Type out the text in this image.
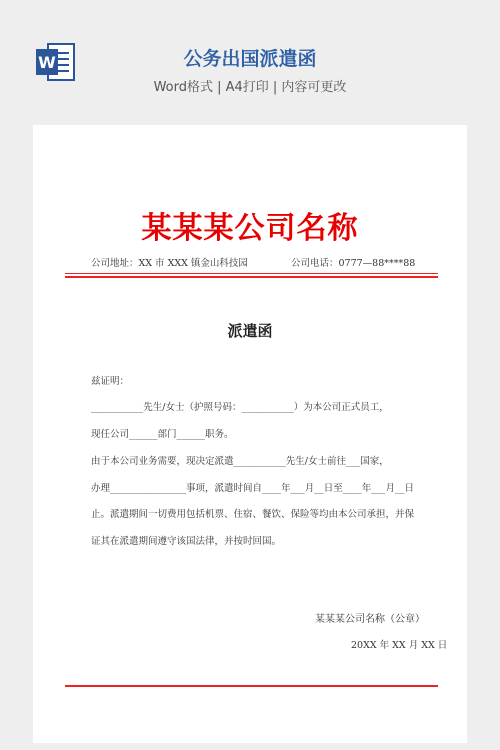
W	公务出国派遣函
Word格式 | A4打印 | 内容可更改
某某某公司名称
公司地址：XX 市 XXX 镇金山科技园	公司电话：0777—88****88
派遣函
兹证明：
___________先生/女士（护照号码：___________）为本公司正式员工，
现任公司______部门______职务。
由于本公司业务需要，现决定派遣___________先生/女士前往___国家，
办理________________事项，派遣时间自____年___月__日至____年___月__日
止。派遣期间一切费用包括机票、住宿、餐饮、保险等均由本公司承担，并保
证其在派遣期间遵守该国法律，并按时回国。
某某某公司名称（公章）
20XX 年 XX 月 XX 日
